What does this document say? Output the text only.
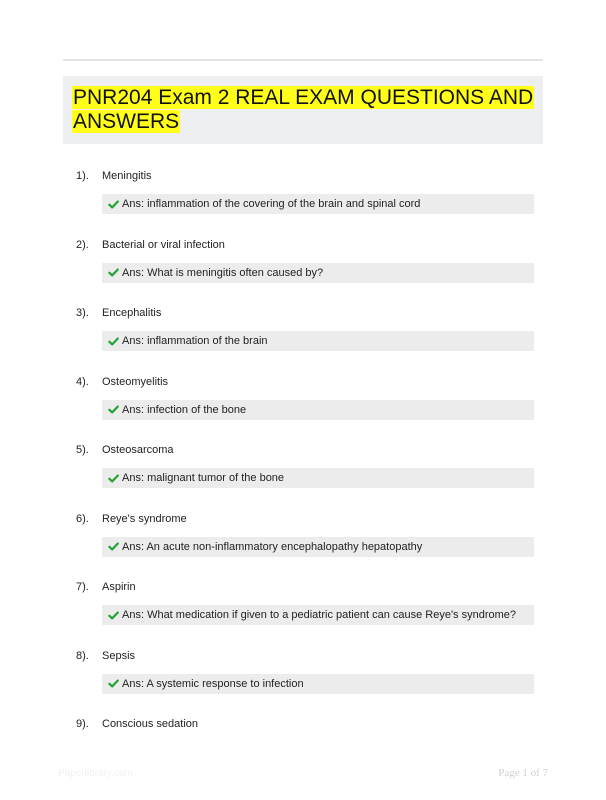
PNR204 Exam 2 REAL EXAM QUESTIONS AND ANSWERS
1). Meningitis
Ans: inflammation of the covering of the brain and spinal cord
2). Bacterial or viral infection
Ans: What is meningitis often caused by?
3). Encephalitis
Ans: inflammation of the brain
4). Osteomyelitis
Ans: infection of the bone
5). Osteosarcoma
Ans: malignant tumor of the bone
6). Reye's syndrome
Ans: An acute non-inflammatory encephalopathy hepatopathy
7). Aspirin
Ans: What medication if given to a pediatric patient can cause Reye's syndrome?
8). Sepsis
Ans: A systemic response to infection
9). Conscious sedation
Paperlibrary.com	Page 1 of 7
